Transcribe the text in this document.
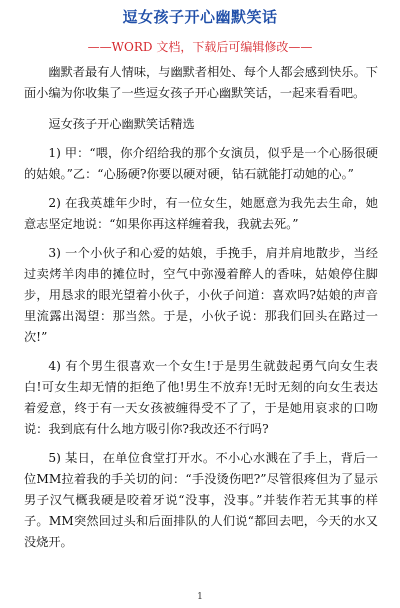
逗女孩子开心幽默笑话
——WORD 文档，下载后可编辑修改——

幽默者最有人情味，与幽默者相处、每个人都会感到快乐。下面小编为你收集了一些逗女孩子开心幽默笑话，一起来看看吧。

逗女孩子开心幽默笑话精选

1) 甲：“喂，你介绍给我的那个女演员，似乎是一个心肠很硬的姑娘。”乙：“心肠硬?你要以硬对硬，钻石就能打动她的心。”

2) 在我英雄年少时，有一位女生，她愿意为我先去生命，她意志坚定地说：“如果你再这样缠着我，我就去死。”

3) 一个小伙子和心爱的姑娘，手挽手，肩并肩地散步，当经过卖烤羊肉串的摊位时，空气中弥漫着醉人的香味，姑娘停住脚步，用恳求的眼光望着小伙子，小伙子问道：喜欢吗?姑娘的声音里流露出渴望：那当然。于是，小伙子说：那我们回头在路过一次!”

4) 有个男生很喜欢一个女生!于是男生就鼓起勇气向女生表白!可女生却无情的拒绝了他!男生不放弃!无时无刻的向女生表达着爱意，终于有一天女孩被缠得受不了了，于是她用哀求的口吻说：我到底有什么地方吸引你?我改还不行吗?

5) 某日，在单位食堂打开水。不小心水溅在了手上，背后一位MM拉着我的手关切的问：“手没烫伤吧?”尽管很疼但为了显示男子汉气概我硬是咬着牙说“没事，没事。”并装作若无其事的样子。MM突然回过头和后面排队的人们说“都回去吧，今天的水又没烧开。

1
